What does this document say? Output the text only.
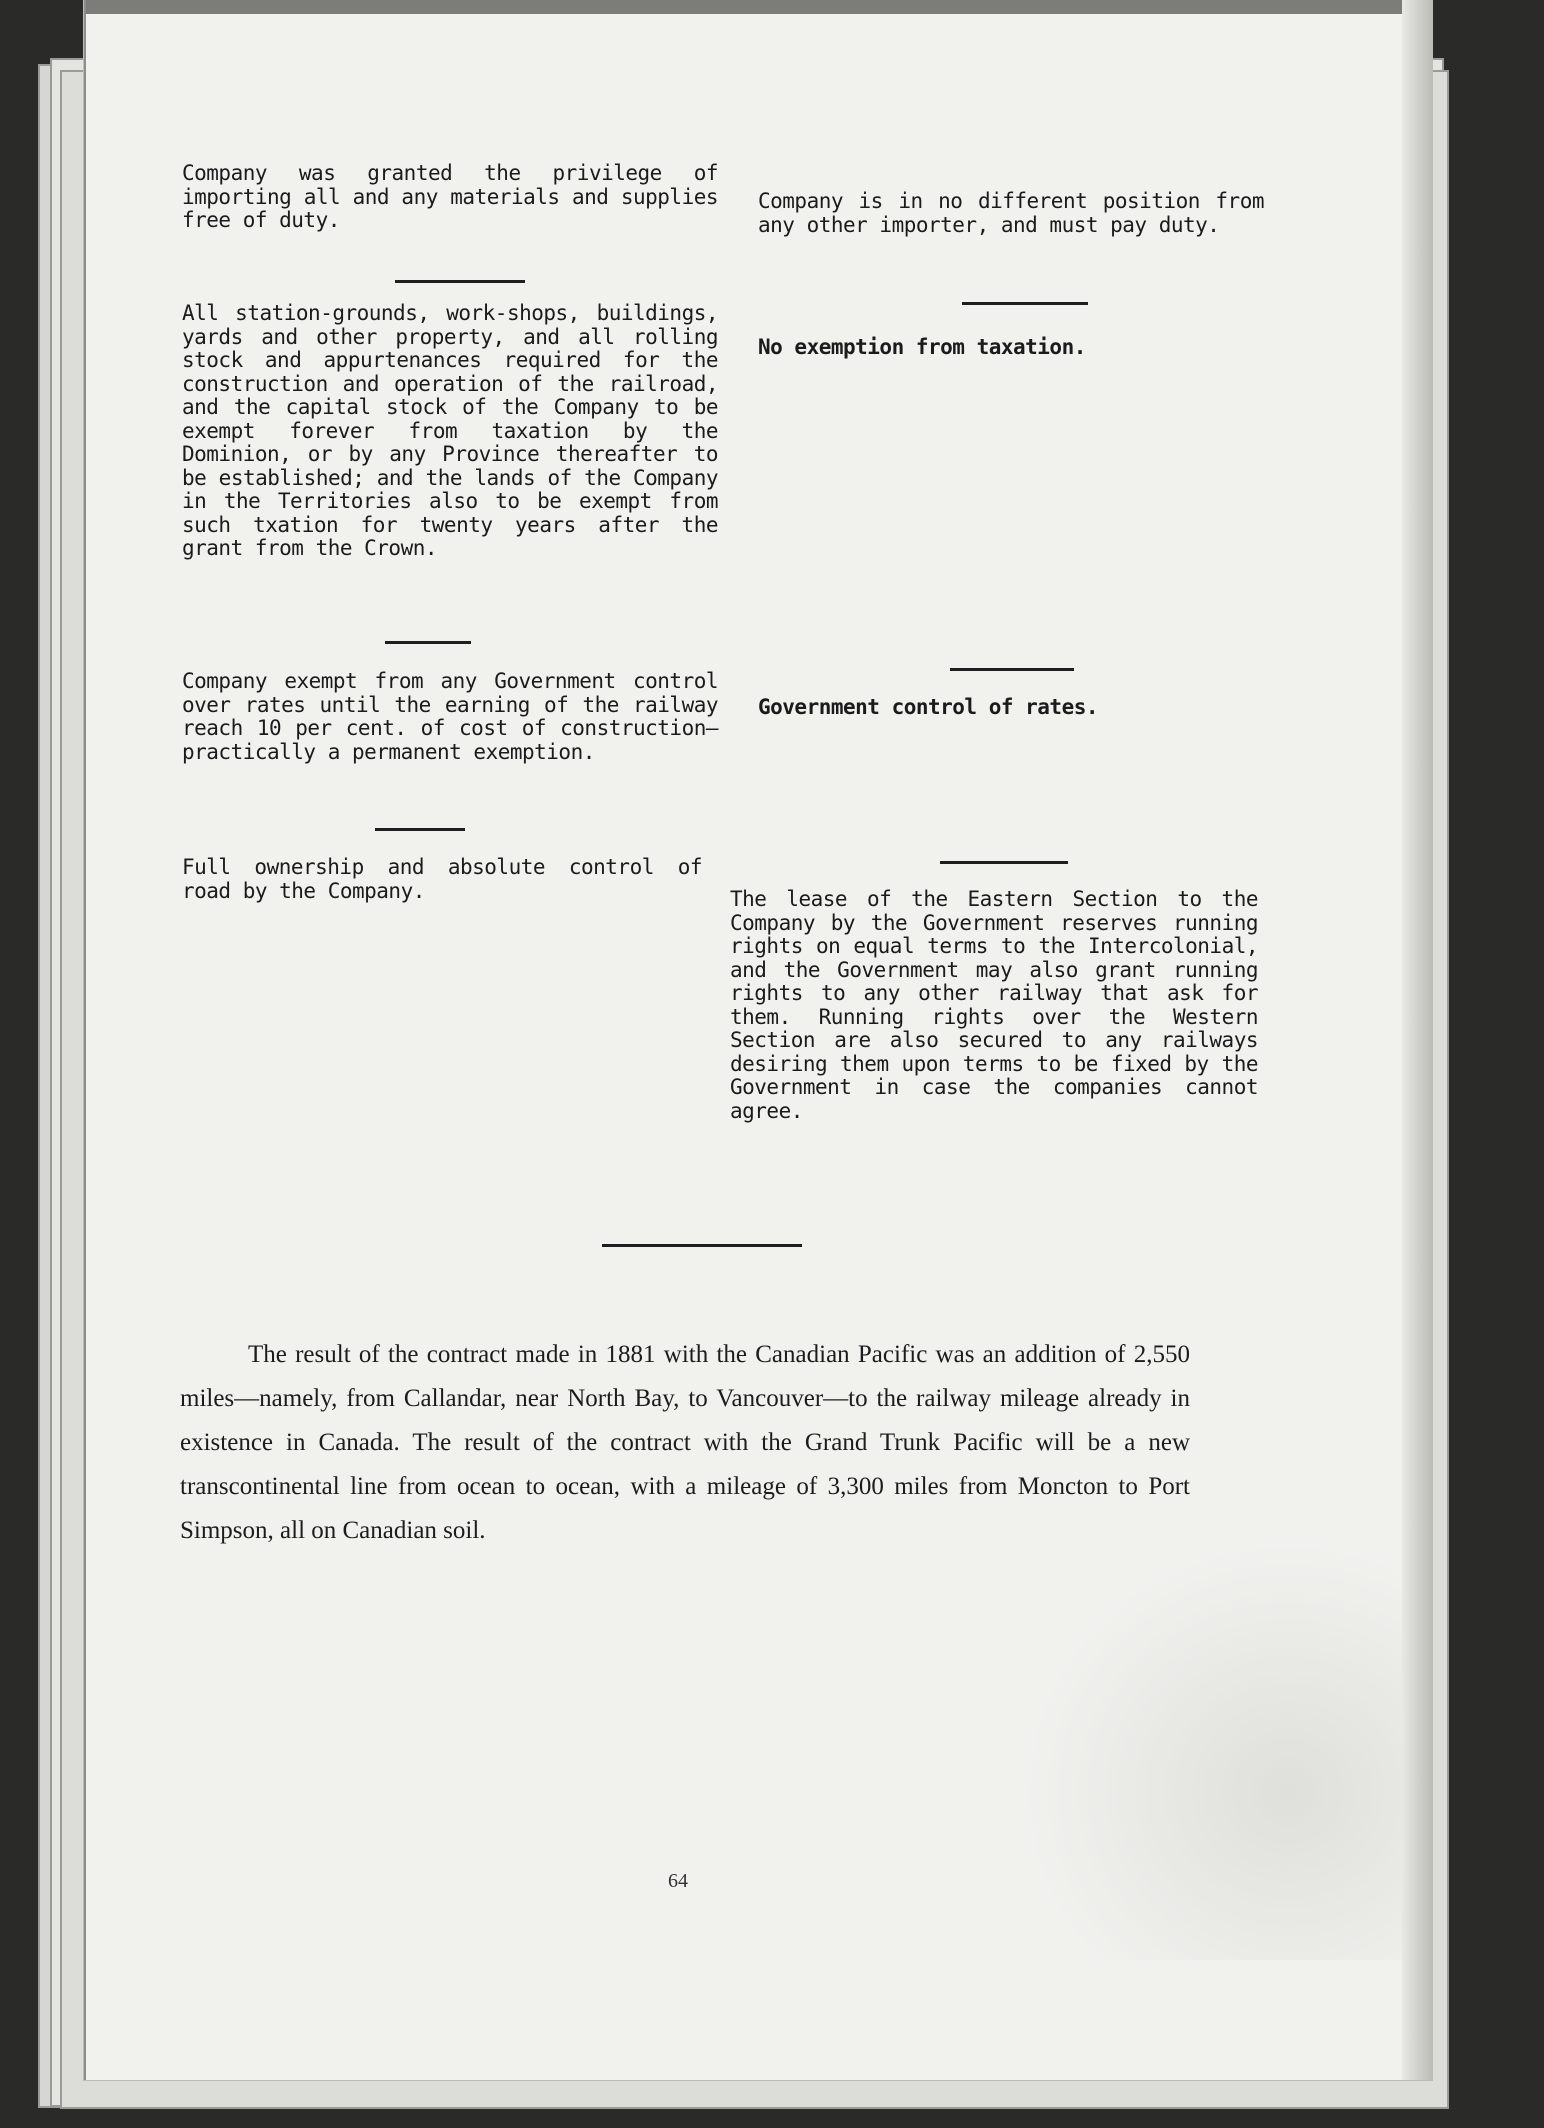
Company was granted the privilege of importing all and any materials and supplies free of duty.

All station-grounds, work-shops, buildings, yards and other property, and all rolling stock and appurtenances required for the construction and operation of the railroad, and the capital stock of the Company to be exempt forever from taxation by the Dominion, or by any Province thereafter to be established; and the lands of the Company in the Territories also to be exempt from such txation for twenty years after the grant from the Crown.

Company exempt from any Government control over rates until the earning of the railway reach 10 per cent. of cost of construction—practically a permanent exemption.

Full ownership and absolute control of road by the Company.

Company is in no different position from any other importer, and must pay duty.

No exemption from taxation.

Government control of rates.

The lease of the Eastern Section to the Company by the Government reserves running rights on equal terms to the Intercolonial, and the Government may also grant running rights to any other railway that ask for them. Running rights over the Western Section are also secured to any railways desiring them upon terms to be fixed by the Government in case the companies cannot agree.

The result of the contract made in 1881 with the Canadian Pacific was an addition of 2,550 miles—namely, from Callandar, near North Bay, to Vancouver—to the railway mileage already in existence in Canada. The result of the contract with the Grand Trunk Pacific will be a new transcontinental line from ocean to ocean, with a mileage of 3,300 miles from Moncton to Port Simpson, all on Canadian soil.

64
